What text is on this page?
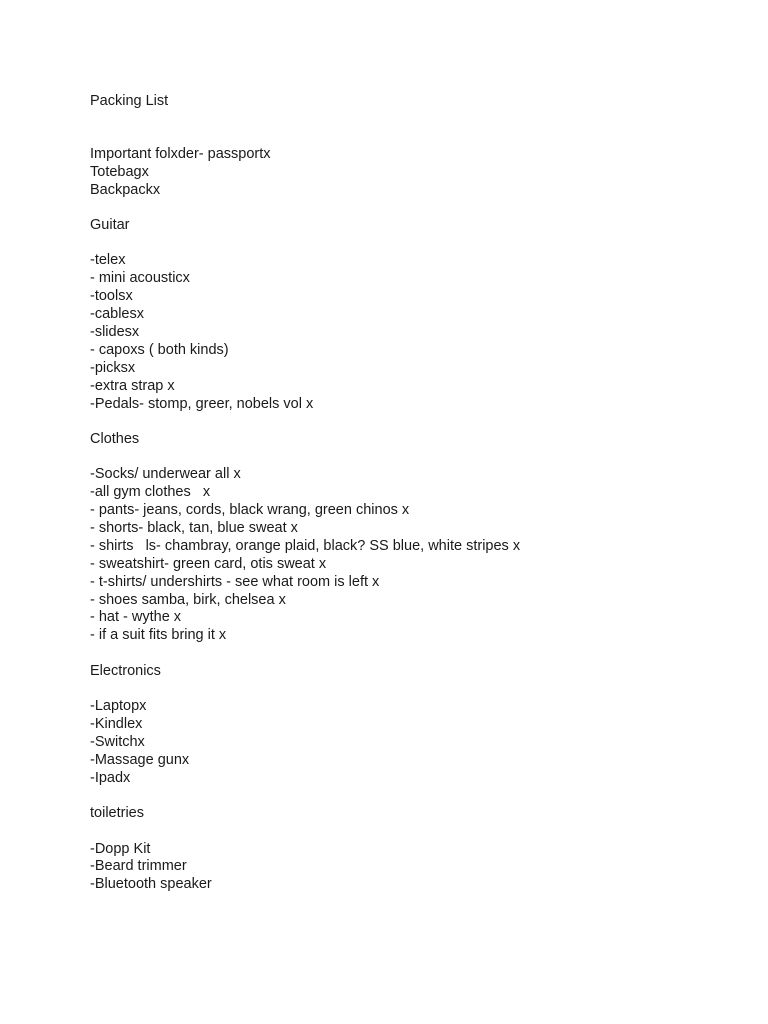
Packing List
Important folxder- passportx
Totebagx
Backpackx
Guitar
-telex
- mini acousticx
-toolsx
-cablesx
-slidesx
- capoxs ( both kinds)
-picksx
-extra strap x
-Pedals- stomp, greer, nobels vol x
Clothes
-Socks/ underwear all x
-all gym clothes   x
- pants- jeans, cords, black wrang, green chinos x
- shorts- black, tan, blue sweat x
- shirts   ls- chambray, orange plaid, black? SS blue, white stripes x
- sweatshirt- green card, otis sweat x
- t-shirts/ undershirts - see what room is left x
- shoes samba, birk, chelsea x
- hat - wythe x
- if a suit fits bring it x
Electronics
-Laptopx
-Kindlex
-Switchx
-Massage gunx
-Ipadx
toiletries
-Dopp Kit
-Beard trimmer
-Bluetooth speaker
